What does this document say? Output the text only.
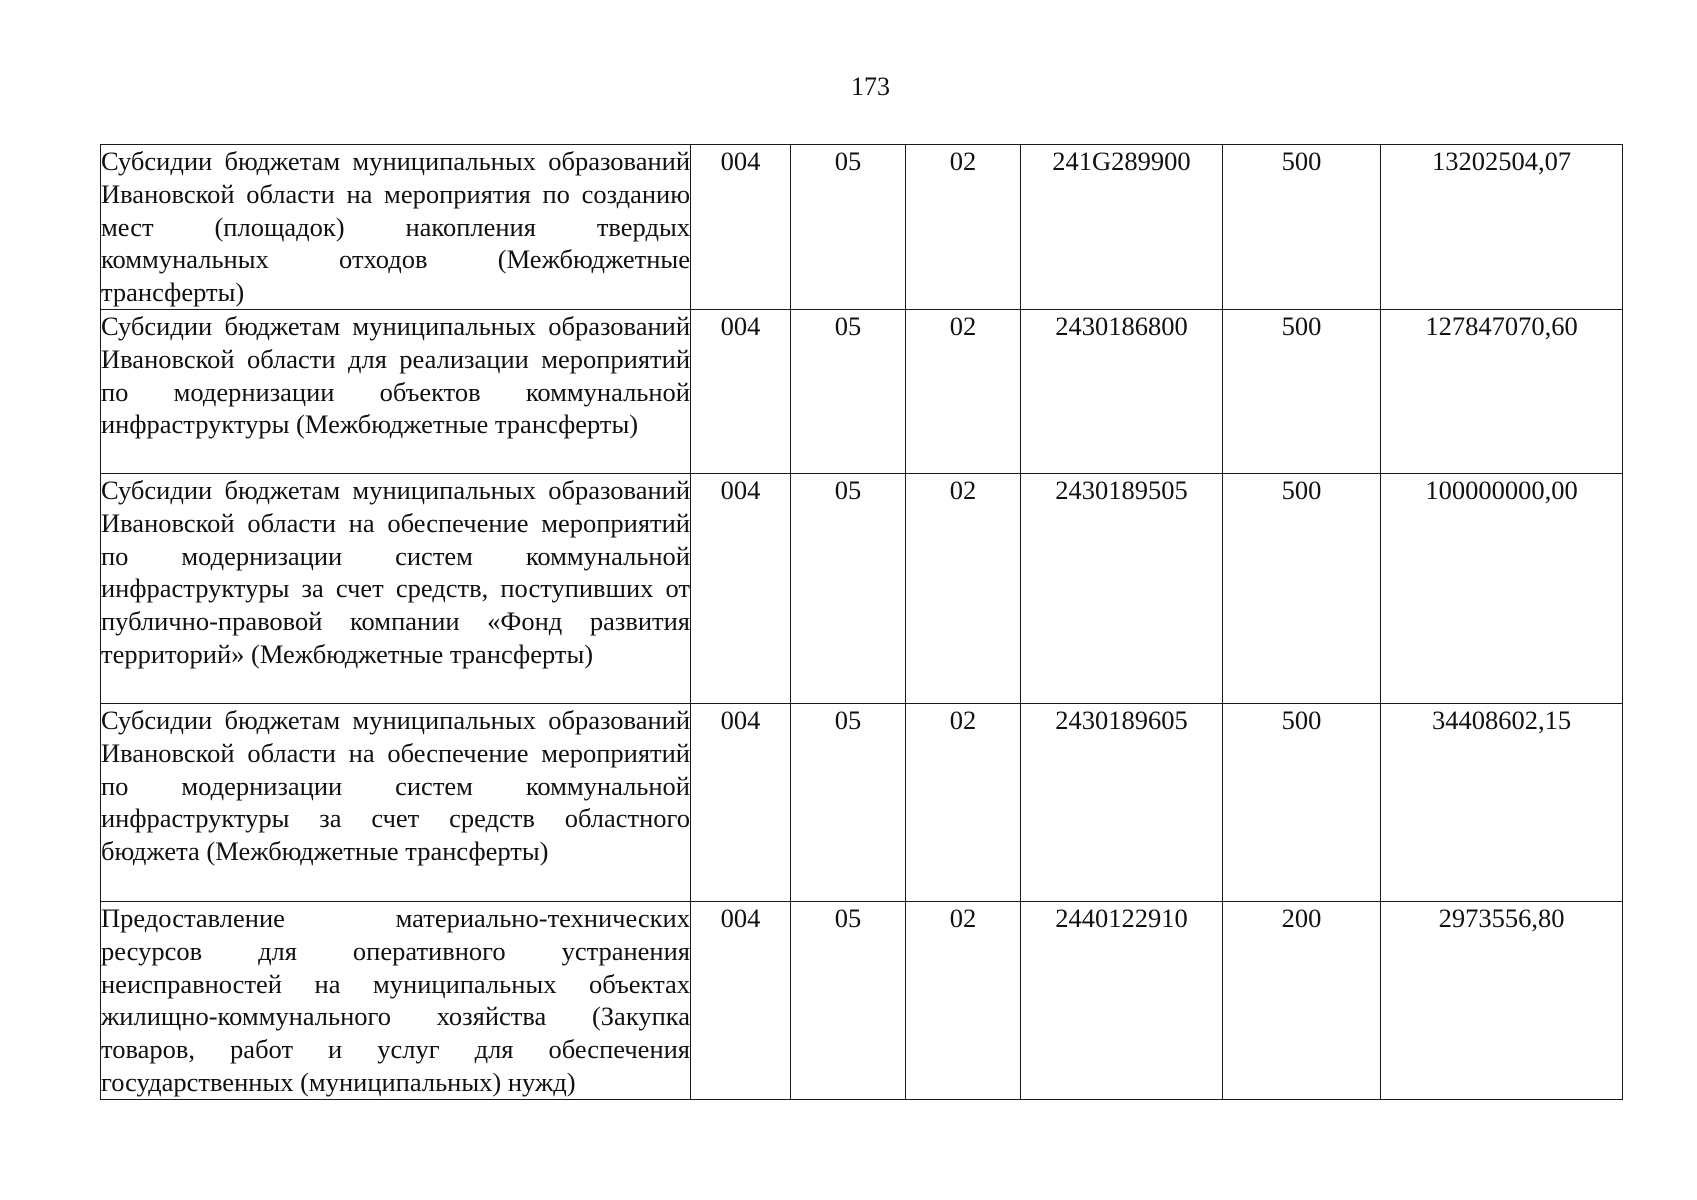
173
Субсидии бюджетам муниципальных образований Ивановской области на мероприятия по созданию мест (площадок) накопления твердых коммунальных отходов (Межбюджетные трансферты)	004	05	02	241G289900	500	13202504,07
Субсидии бюджетам муниципальных образований Ивановской области для реализации мероприятий по модернизации объектов коммунальной инфраструктуры (Межбюджетные трансферты)	004	05	02	2430186800	500	127847070,60
Субсидии бюджетам муниципальных образований Ивановской области на обеспечение мероприятий по модернизации систем коммунальной инфраструктуры за счет средств, поступивших от публично-правовой компании «Фонд развития территорий» (Межбюджетные трансферты)	004	05	02	2430189505	500	100000000,00
Субсидии бюджетам муниципальных образований Ивановской области на обеспечение мероприятий по модернизации систем коммунальной инфраструктуры за счет средств областного бюджета (Межбюджетные трансферты)	004	05	02	2430189605	500	34408602,15
Предоставление материально-технических ресурсов для оперативного устранения неисправностей на муниципальных объектах жилищно-коммунального хозяйства (Закупка товаров, работ и услуг для обеспечения государственных (муниципальных) нужд)	004	05	02	2440122910	200	2973556,80
